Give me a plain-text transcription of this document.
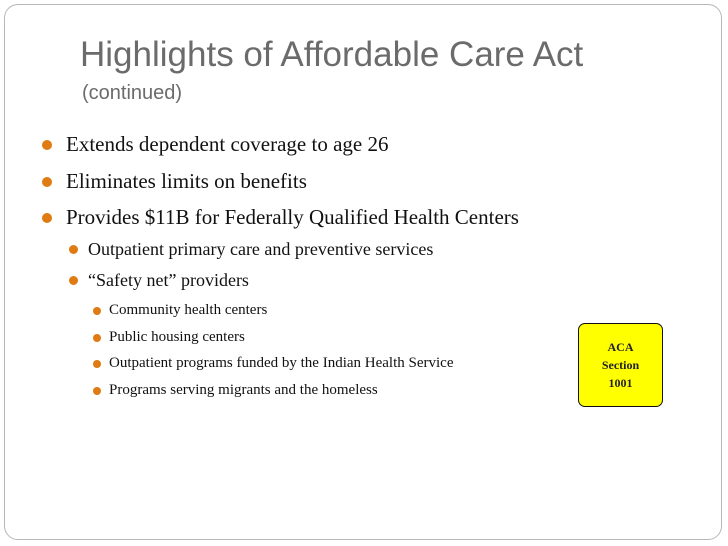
Highlights of Affordable Care Act
(continued)
Extends dependent coverage to age 26
Eliminates limits on benefits
Provides $11B for Federally Qualified Health Centers
Outpatient primary care and preventive services
“Safety net” providers
Community health centers
Public housing centers
Outpatient programs funded by the Indian Health Service
Programs serving migrants and the homeless
ACA
Section
1001
